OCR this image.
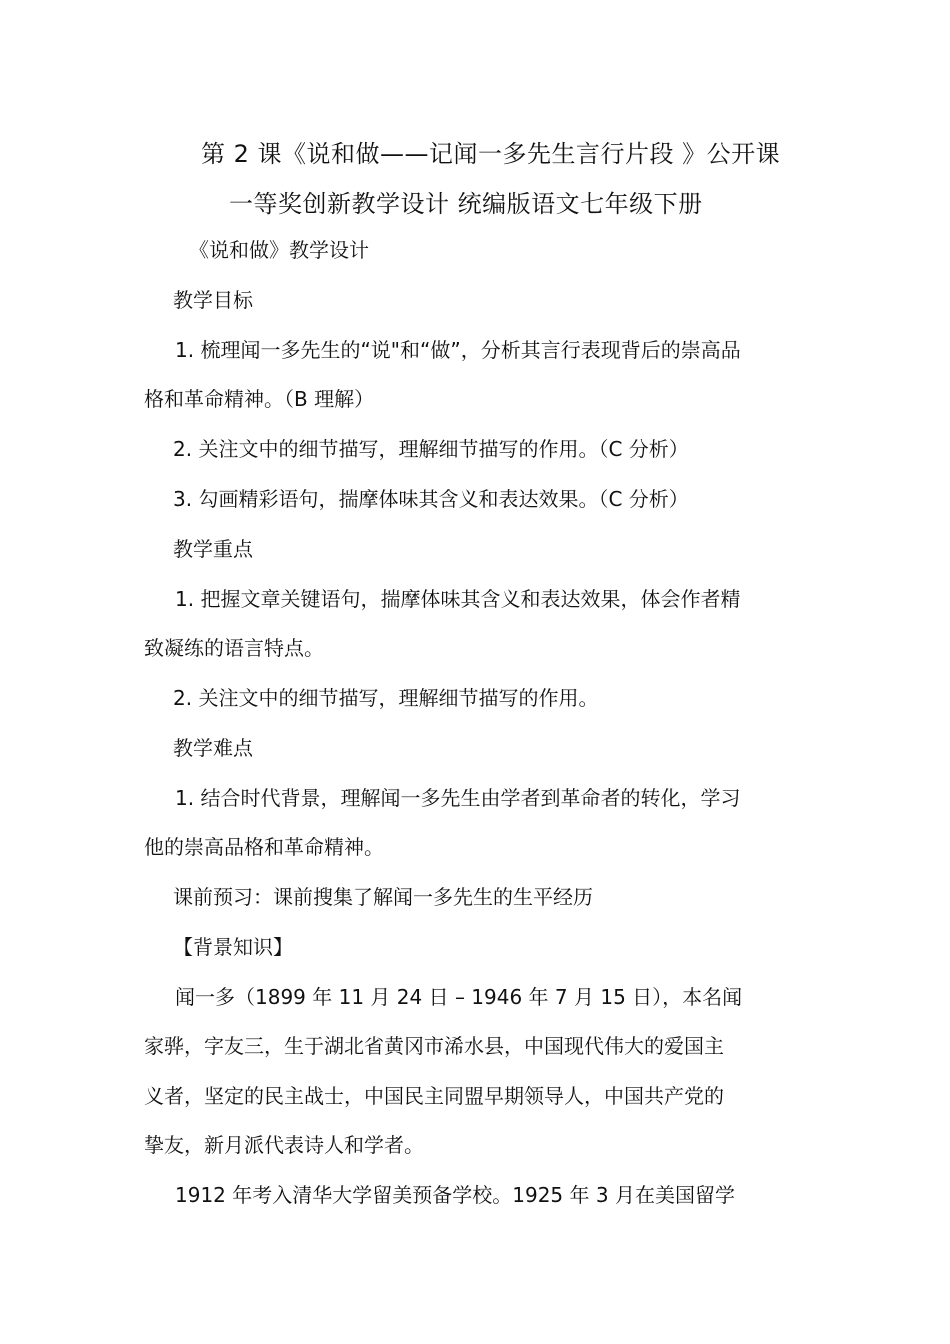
第 2 课《说和做——记闻一多先生言行片段 》公开课
一等奖创新教学设计 统编版语文七年级下册
《说和做》教学设计
教学目标
1. 梳理闻一多先生的“说"和“做”，分析其言行表现背后的崇高品
格和革命精神。（B 理解）
2. 关注文中的细节描写，理解细节描写的作用。（C 分析）
3. 勾画精彩语句，揣摩体味其含义和表达效果。（C 分析）
教学重点
1. 把握文章关键语句，揣摩体味其含义和表达效果，体会作者精
致凝练的语言特点。
2. 关注文中的细节描写，理解细节描写的作用。
教学难点
1. 结合时代背景，理解闻一多先生由学者到革命者的转化，学习
他的崇高品格和革命精神。
课前预习：课前搜集了解闻一多先生的生平经历
【背景知识】
闻一多（1899 年 11 月 24 日 – 1946 年 7 月 15 日），本名闻
家骅，字友三，生于湖北省黄冈市浠水县，中国现代伟大的爱国主
义者，坚定的民主战士，中国民主同盟早期领导人，中国共产党的
挚友，新月派代表诗人和学者。
1912 年考入清华大学留美预备学校。1925 年 3 月在美国留学
